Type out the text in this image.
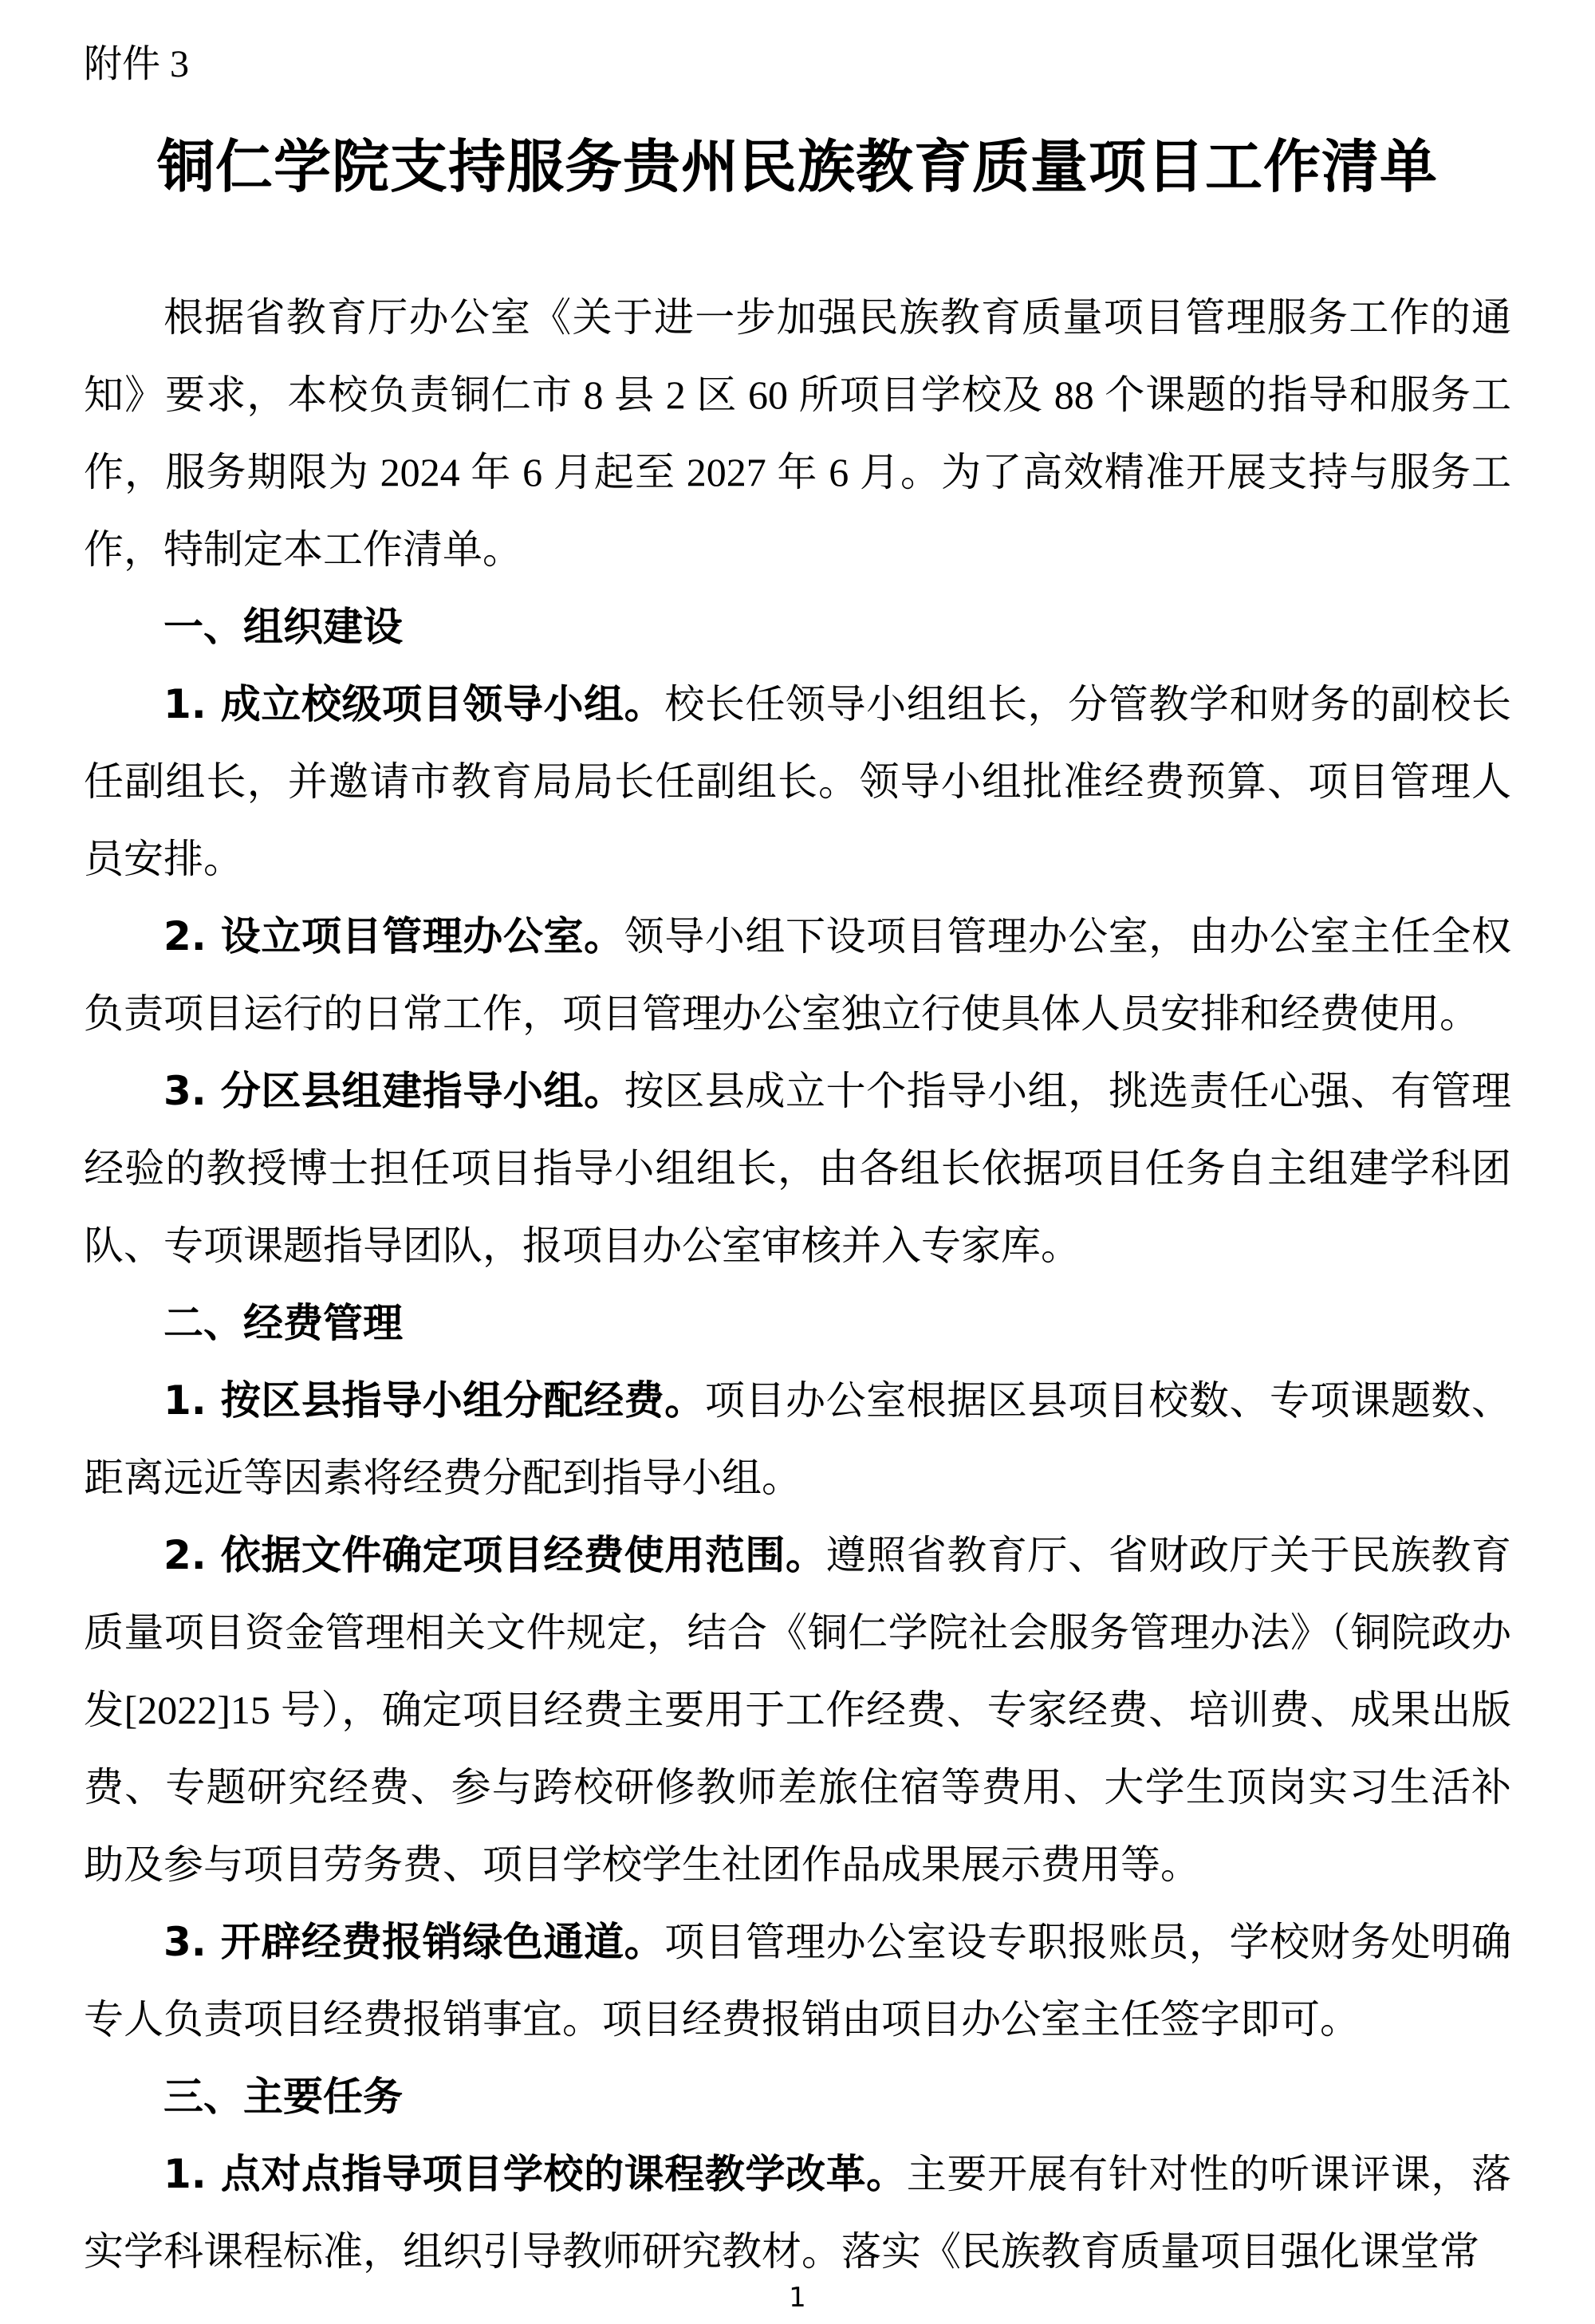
附件 3

铜仁学院支持服务贵州民族教育质量项目工作清单

根据省教育厅办公室《关于进一步加强民族教育质量项目管理服务工作的通知》要求，本校负责铜仁市 8 县 2 区 60 所项目学校及 88 个课题的指导和服务工作，服务期限为 2024 年 6 月起至 2027 年 6 月。为了高效精准开展支持与服务工作，特制定本工作清单。

一、组织建设

1. 成立校级项目领导小组。校长任领导小组组长，分管教学和财务的副校长任副组长，并邀请市教育局局长任副组长。领导小组批准经费预算、项目管理人员安排。

2. 设立项目管理办公室。领导小组下设项目管理办公室，由办公室主任全权负责项目运行的日常工作，项目管理办公室独立行使具体人员安排和经费使用。

3. 分区县组建指导小组。按区县成立十个指导小组，挑选责任心强、有管理经验的教授博士担任项目指导小组组长，由各组长依据项目任务自主组建学科团队、专项课题指导团队，报项目办公室审核并入专家库。

二、经费管理

1. 按区县指导小组分配经费。项目办公室根据区县项目校数、专项课题数、距离远近等因素将经费分配到指导小组。

2. 依据文件确定项目经费使用范围。遵照省教育厅、省财政厅关于民族教育质量项目资金管理相关文件规定，结合《铜仁学院社会服务管理办法》（铜院政办发[2022]15 号），确定项目经费主要用于工作经费、专家经费、培训费、成果出版费、专题研究经费、参与跨校研修教师差旅住宿等费用、大学生顶岗实习生活补助及参与项目劳务费、项目学校学生社团作品成果展示费用等。

3. 开辟经费报销绿色通道。项目管理办公室设专职报账员，学校财务处明确专人负责项目经费报销事宜。项目经费报销由项目办公室主任签字即可。

三、主要任务

1. 点对点指导项目学校的课程教学改革。主要开展有针对性的听课评课，落实学科课程标准，组织引导教师研究教材。落实《民族教育质量项目强化课堂常

1
